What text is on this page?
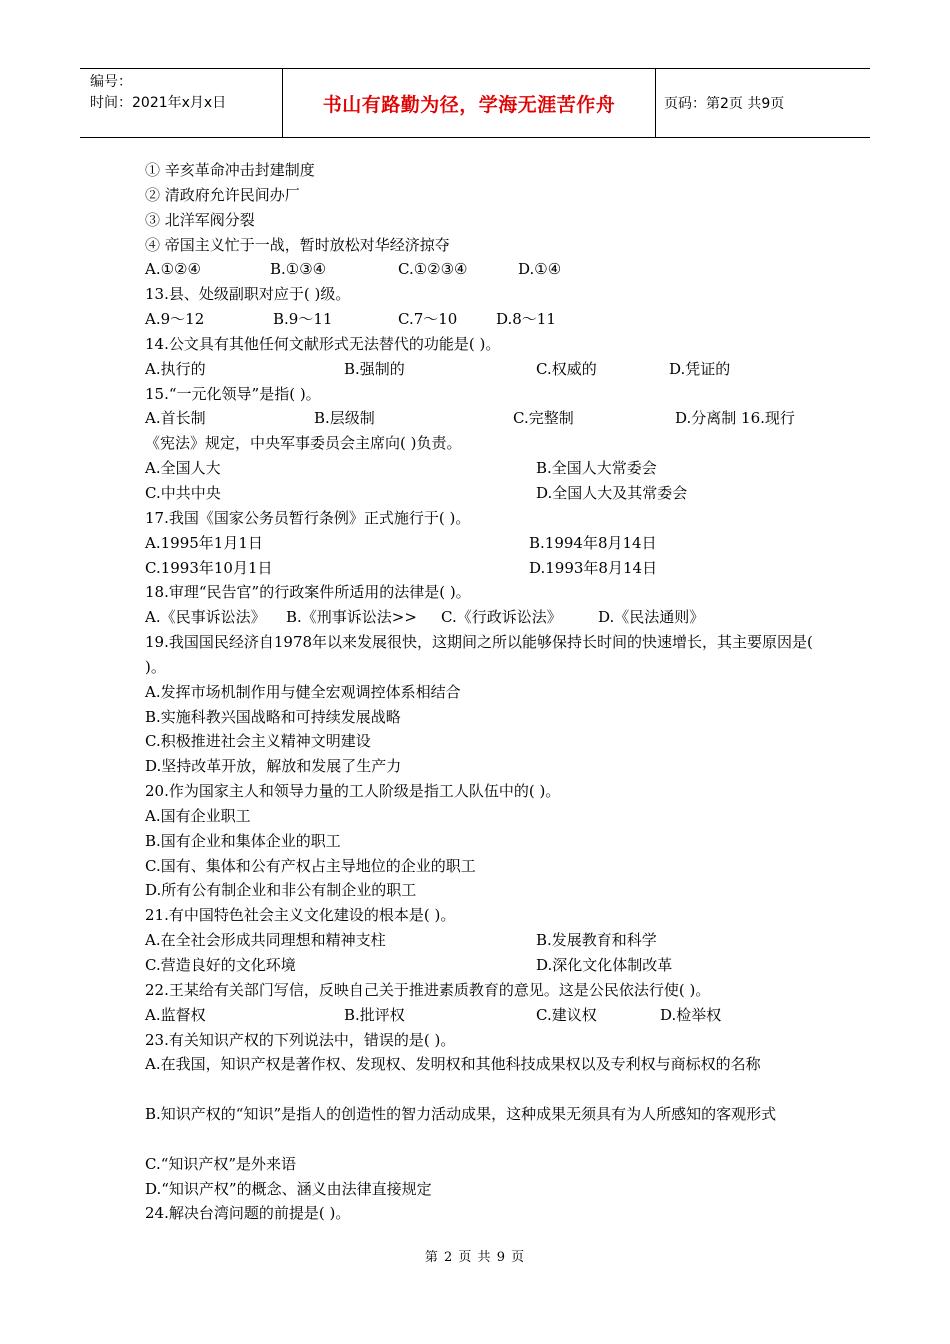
编号：
时间：2021年x月x日	书山有路勤为径，学海无涯苦作舟	页码：第2页 共9页
① 辛亥革命冲击封建制度
② 清政府允许民间办厂
③ 北洋军阀分裂
④ 帝国主义忙于一战，暂时放松对华经济掠夺
A.①②④	B.①③④	C.①②③④	D.①④
13.县、处级副职对应于( )级。
A.9～12	B.9～11	C.7～10	D.8～11
14.公文具有其他任何文献形式无法替代的功能是( )。
A.执行的	B.强制的	C.权威的	D.凭证的
15.“一元化领导”是指( )。
A.首长制	B.层级制	C.完整制	D.分离制 16.现行
《宪法》规定，中央军事委员会主席向( )负责。
A.全国人大	B.全国人大常委会
C.中共中央	D.全国人大及其常委会
17.我国《国家公务员暂行条例》正式施行于( )。
A.1995年1月1日	B.1994年8月14日
C.1993年10月1日	D.1993年8月14日
18.审理“民告官”的行政案件所适用的法律是( )。
A.《民事诉讼法》 B.《刑事诉讼法>> C.《行政诉讼法》 D.《民法通则》
19.我国国民经济自1978年以来发展很快，这期间之所以能够保持长时间的快速增长，其主要原因是( )。
A.发挥市场机制作用与健全宏观调控体系相结合
B.实施科教兴国战略和可持续发展战略
C.积极推进社会主义精神文明建设
D.坚持改革开放，解放和发展了生产力
20.作为国家主人和领导力量的工人阶级是指工人队伍中的( )。
A.国有企业职工
B.国有企业和集体企业的职工
C.国有、集体和公有产权占主导地位的企业的职工
D.所有公有制企业和非公有制企业的职工
21.有中国特色社会主义文化建设的根本是( )。
A.在全社会形成共同理想和精神支柱	B.发展教育和科学
C.营造良好的文化环境	D.深化文化体制改革
22.王某给有关部门写信，反映自己关于推进素质教育的意见。这是公民依法行使( )。
A.监督权	B.批评权	C.建议权	D.检举权
23.有关知识产权的下列说法中，错误的是( )。
A.在我国，知识产权是著作权、发现权、发明权和其他科技成果权以及专利权与商标权的名称
B.知识产权的“知识”是指人的创造性的智力活动成果，这种成果无须具有为人所感知的客观形式
C.“知识产权”是外来语
D.“知识产权”的概念、涵义由法律直接规定
24.解决台湾问题的前提是( )。
第 2 页 共 9 页
